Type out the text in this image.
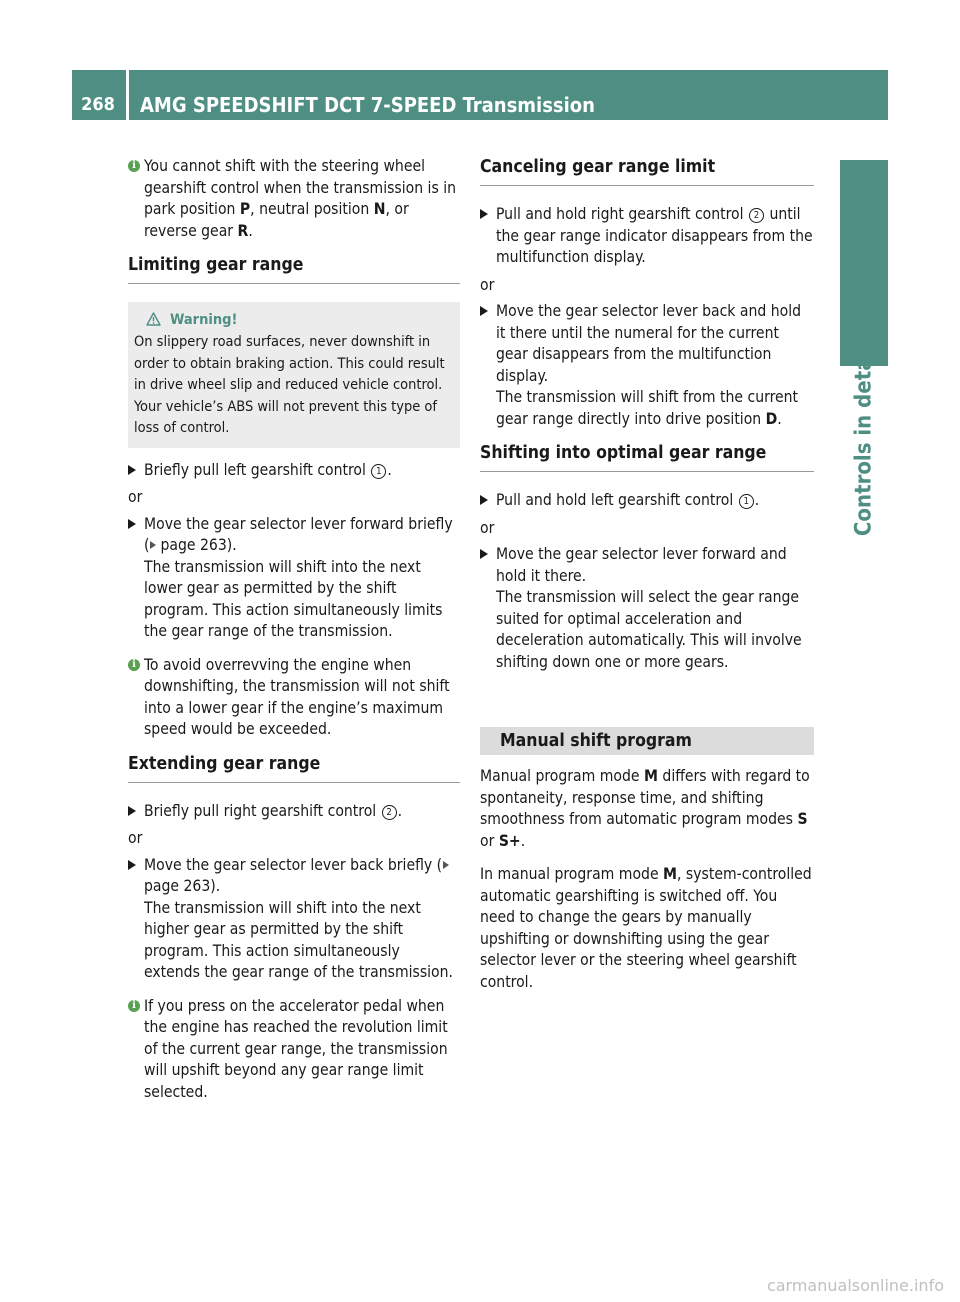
268	AMG SPEEDSHIFT DCT 7-SPEED Transmission
Controls in detail
i You cannot shift with the steering wheel gearshift control when the transmission is in park position P, neutral position N, or reverse gear R.
Limiting gear range
Warning!
On slippery road surfaces, never downshift in order to obtain braking action. This could result in drive wheel slip and reduced vehicle control. Your vehicle’s ABS will not prevent this type of loss of control.
Briefly pull left gearshift control 1 .
or
Move the gear selector lever forward briefly ( page 263).
The transmission will shift into the next lower gear as permitted by the shift program. This action simultaneously limits the gear range of the transmission.
i To avoid overrevving the engine when downshifting, the transmission will not shift into a lower gear if the engine’s maximum speed would be exceeded.
Extending gear range
Briefly pull right gearshift control 2 .
or
Move the gear selector lever back briefly (page 263).
The transmission will shift into the next higher gear as permitted by the shift program. This action simultaneously extends the gear range of the transmission.
i If you press on the accelerator pedal when the engine has reached the revolution limit of the current gear range, the transmission will upshift beyond any gear range limit selected.
Canceling gear range limit
Pull and hold right gearshift control 2 until the gear range indicator disappears from the multifunction display.
or
Move the gear selector lever back and hold it there until the numeral for the current gear disappears from the multifunction display.
The transmission will shift from the current gear range directly into drive position D.
Shifting into optimal gear range
Pull and hold left gearshift control 1 .
or
Move the gear selector lever forward and hold it there.
The transmission will select the gear range suited for optimal acceleration and deceleration automatically. This will involve shifting down one or more gears.
Manual shift program
Manual program mode M differs with regard to spontaneity, response time, and shifting smoothness from automatic program modes S or S+.
In manual program mode M, system-controlled automatic gearshifting is switched off. You need to change the gears by manually upshifting or downshifting using the gear selector lever or the steering wheel gearshift control.
carmanualsonline.info
